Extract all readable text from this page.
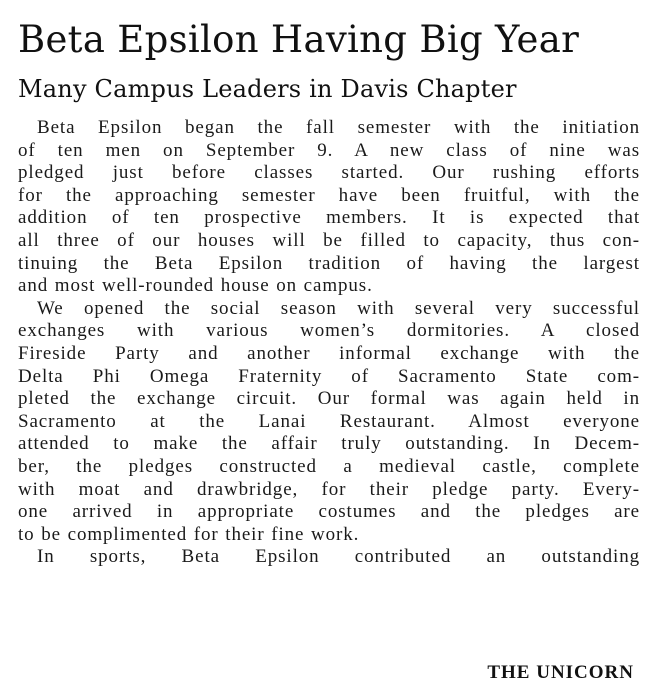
Beta Epsilon Having Big Year
Many Campus Leaders in Davis Chapter
Beta Epsilon began the fall semester with the initiation
of ten men on September 9. A new class of nine was
pledged just before classes started. Our rushing efforts
for the approaching semester have been fruitful, with the
addition of ten prospective members. It is expected that
all three of our houses will be filled to capacity, thus con-
tinuing the Beta Epsilon tradition of having the largest
and most well-rounded house on campus.
We opened the social season with several very successful
exchanges with various women’s dormitories. A closed
Fireside Party and another informal exchange with the
Delta Phi Omega Fraternity of Sacramento State com-
pleted the exchange circuit. Our formal was again held in
Sacramento at the Lanai Restaurant. Almost everyone
attended to make the affair truly outstanding. In Decem-
ber, the pledges constructed a medieval castle, complete
with moat and drawbridge, for their pledge party. Every-
one arrived in appropriate costumes and the pledges are
to be complimented for their fine work.
In sports, Beta Epsilon contributed an outstanding
THE UNICORN
